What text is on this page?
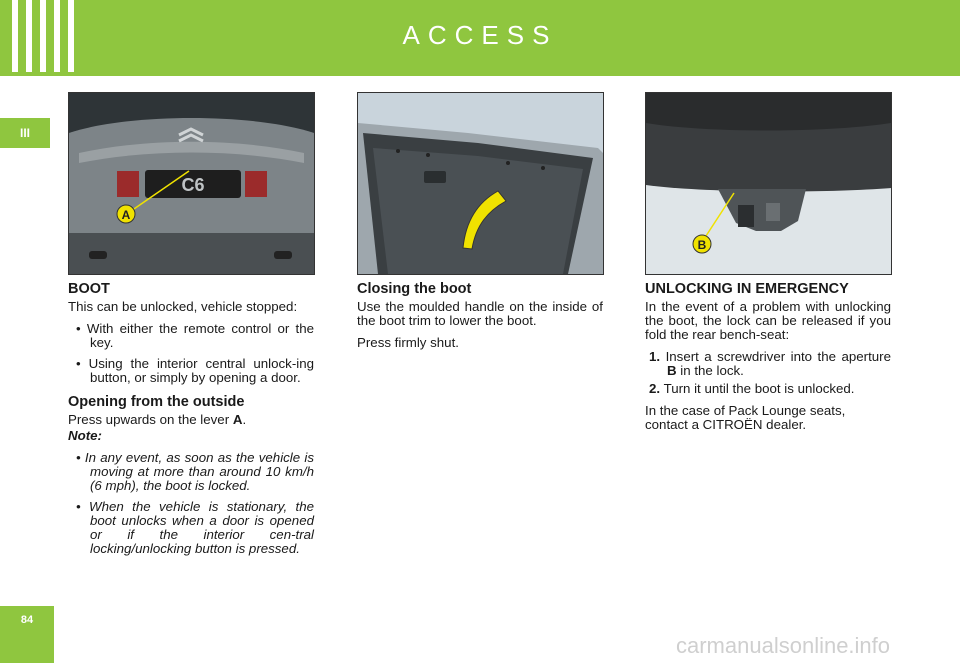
ACCESS
III
84
C6
A
B
BOOT

This can be unlocked, vehicle stopped:

• With either the remote control or the key.
• Using the interior central unlock-ing button, or simply by opening a door.
Opening from the outside

Press upwards on the lever A.

Note:

• In any event, as soon as the vehicle is moving at more than around 10 km/h (6 mph), the boot is locked.
• When the vehicle is stationary, the boot unlocks when a door is opened or if the interior cen-tral locking/unlocking button is pressed.
Closing the boot

Use the moulded handle on the inside of the boot trim to lower the boot.

Press firmly shut.

UNLOCKING IN EMERGENCY

In the event of a problem with unlocking the boot, the lock can be released if you fold the rear bench-seat:

1. Insert a screwdriver into the aperture B in the lock.
2. Turn it until the boot is unlocked.

In the case of Pack Lounge seats, contact a CITROËN dealer.

carmanualsonline.info
